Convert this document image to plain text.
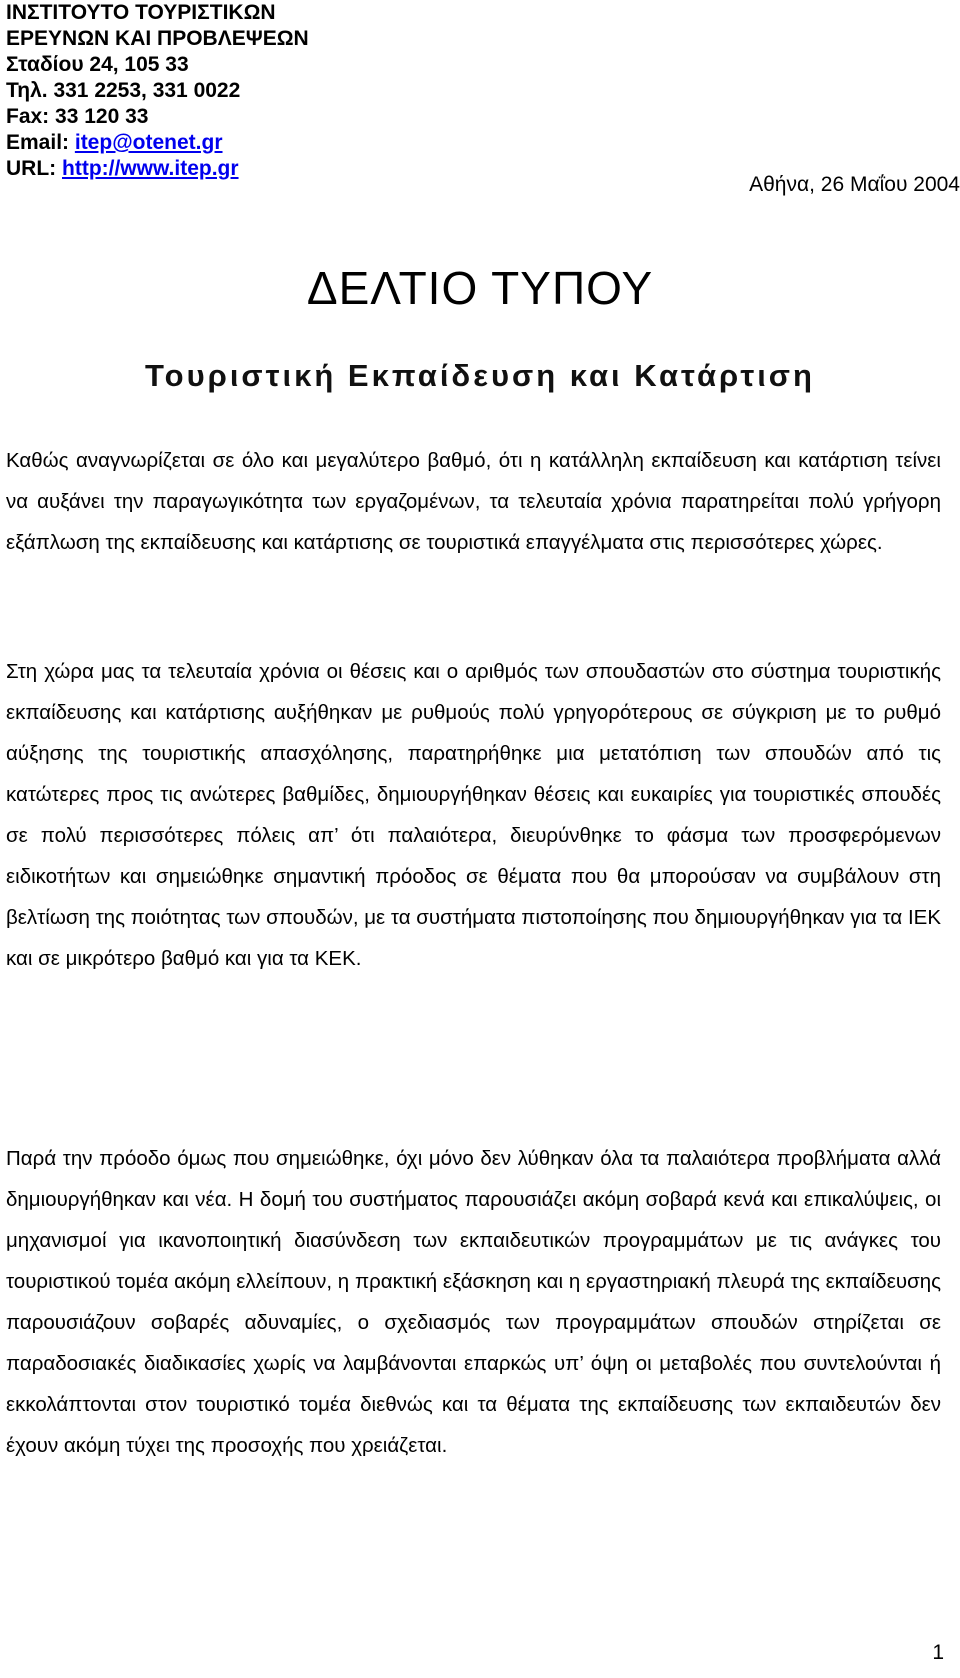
ΙΝΣΤΙΤΟΥΤΟ ΤΟΥΡΙΣΤΙΚΩΝ
ΕΡΕΥΝΩΝ ΚΑΙ ΠΡΟΒΛΕΨΕΩΝ
Σταδίου 24, 105 33
Τηλ. 331 2253, 331 0022
Fax: 33 120 33
Email: itep@otenet.gr
URL: http://www.itep.gr
Αθήνα, 26 Μαΐου 2004
ΔΕΛΤΙΟ ΤΥΠΟΥ
Τουριστική Εκπαίδευση και Κατάρτιση

Καθώς αναγνωρίζεται σε όλο και μεγαλύτερο βαθμό, ότι η κατάλληλη εκπαίδευση και κατάρτιση τείνει να αυξάνει την παραγωγικότητα των εργαζομένων, τα τελευταία χρόνια παρατηρείται πολύ γρήγορη εξάπλωση της εκπαίδευσης και κατάρτισης σε τουριστικά επαγγέλματα στις περισσότερες χώρες.

Στη χώρα μας τα τελευταία χρόνια οι θέσεις και ο αριθμός των σπουδαστών στο σύστημα τουριστικής εκπαίδευσης και κατάρτισης αυξήθηκαν με ρυθμούς πολύ γρηγορότερους σε σύγκριση με το ρυθμό αύξησης της τουριστικής απασχόλησης, παρατηρήθηκε μια μετατόπιση των σπουδών από τις κατώτερες προς τις ανώτερες βαθμίδες, δημιουργήθηκαν θέσεις και ευκαιρίες για τουριστικές σπουδές σε πολύ περισσότερες πόλεις απ’ ότι παλαιότερα, διευρύνθηκε το φάσμα των προσφερόμενων ειδικοτήτων και σημειώθηκε σημαντική πρόοδος σε θέματα που θα μπορούσαν να συμβάλουν στη βελτίωση της ποιότητας των σπουδών, με τα συστήματα πιστοποίησης που δημιουργήθηκαν για τα ΙΕΚ και σε μικρότερο βαθμό και για τα ΚΕΚ.

Παρά την πρόοδο όμως που σημειώθηκε, όχι μόνο δεν λύθηκαν όλα τα παλαιότερα προβλήματα αλλά δημιουργήθηκαν και νέα. Η δομή του συστήματος παρουσιάζει ακόμη σοβαρά κενά και επικαλύψεις, οι μηχανισμοί για ικανοποιητική διασύνδεση των εκπαιδευτικών προγραμμάτων με τις ανάγκες του τουριστικού τομέα ακόμη ελλείπουν, η πρακτική εξάσκηση και η εργαστηριακή πλευρά της εκπαίδευσης παρουσιάζουν σοβαρές αδυναμίες, ο σχεδιασμός των προγραμμάτων σπουδών στηρίζεται σε παραδοσιακές διαδικασίες χωρίς να λαμβάνονται επαρκώς υπ’ όψη οι μεταβολές που συντελούνται ή εκκολάπτονται στον τουριστικό τομέα διεθνώς και τα θέματα της εκπαίδευσης των εκπαιδευτών δεν έχουν ακόμη τύχει της προσοχής που χρειάζεται.

1
